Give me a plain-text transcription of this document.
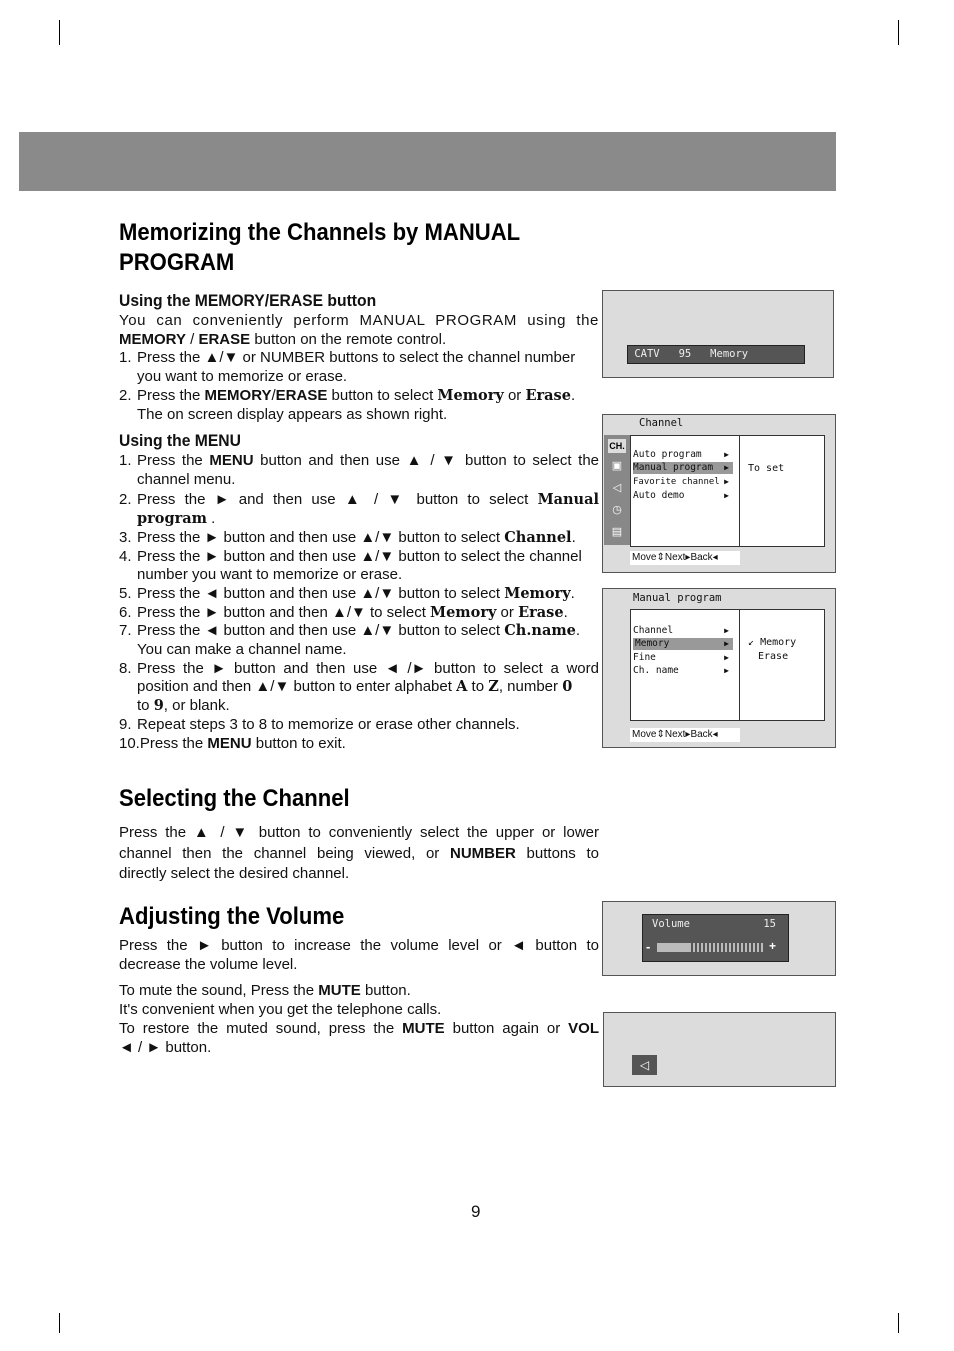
Memorizing the Channels by MANUAL PROGRAM
Using the MEMORY/ERASE button

You can conveniently perform MANUAL PROGRAM using the

MEMORY / ERASE button on the remote control.

1. Press the ▲/▼ or NUMBER buttons to select the channel number
you want to memorize or erase.
2. Press the MEMORY/ERASE button to select Memory or Erase.
The on screen display appears as shown right.
Using the MENU
1. Press the MENU button and then use ▲ / ▼ button to select the
channel menu.
2. Press the ► and then use ▲ / ▼ button to select Manual
program .
3. Press the ► button and then use ▲/▼ button to select Channel.
4. Press the ► button and then use ▲/▼ button to select the channel
number you want to memorize or erase.
5. Press the ◄ button and then use ▲/▼ button to select Memory.
6. Press the ► button and then ▲/▼ to select Memory or Erase.
7. Press the ◄ button and then use ▲/▼ button to select Ch.name.
You can make a channel name.
8. Press the ► button and then use ◄ /► button to select a word
position and then ▲/▼ button to enter alphabet A to Z, number 0
to 9, or blank.
9. Repeat steps 3 to 8 to memorize or erase other channels.
10.Press the MENU button to exit.
Selecting the Channel

Press the ▲ / ▼ button to conveniently select the upper or lower

channel then the channel being viewed, or NUMBER buttons to

directly select the desired channel.

Adjusting the Volume

Press the ► button to increase the volume level or ◄ button to

decrease the volume level.

To mute the sound, Press the MUTE button.

It's convenient when you get the telephone calls.

To restore the muted sound, press the MUTE button again or VOL

◄ / ► button.

CATV   95   Memory
Channel
CH.
▣
◁
◷
▤
Auto program	▶
Manual program ▶
Favorite channel ▶
Auto demo	▶
To set
Move⇕Next▸Back◂
Manual program
Channel	▶
Memory	▶
Fine	▶
Ch. name	▶
↙ Memory
Erase
Move⇕Next▸Back◂
Volume	15
-	+
◁
9
